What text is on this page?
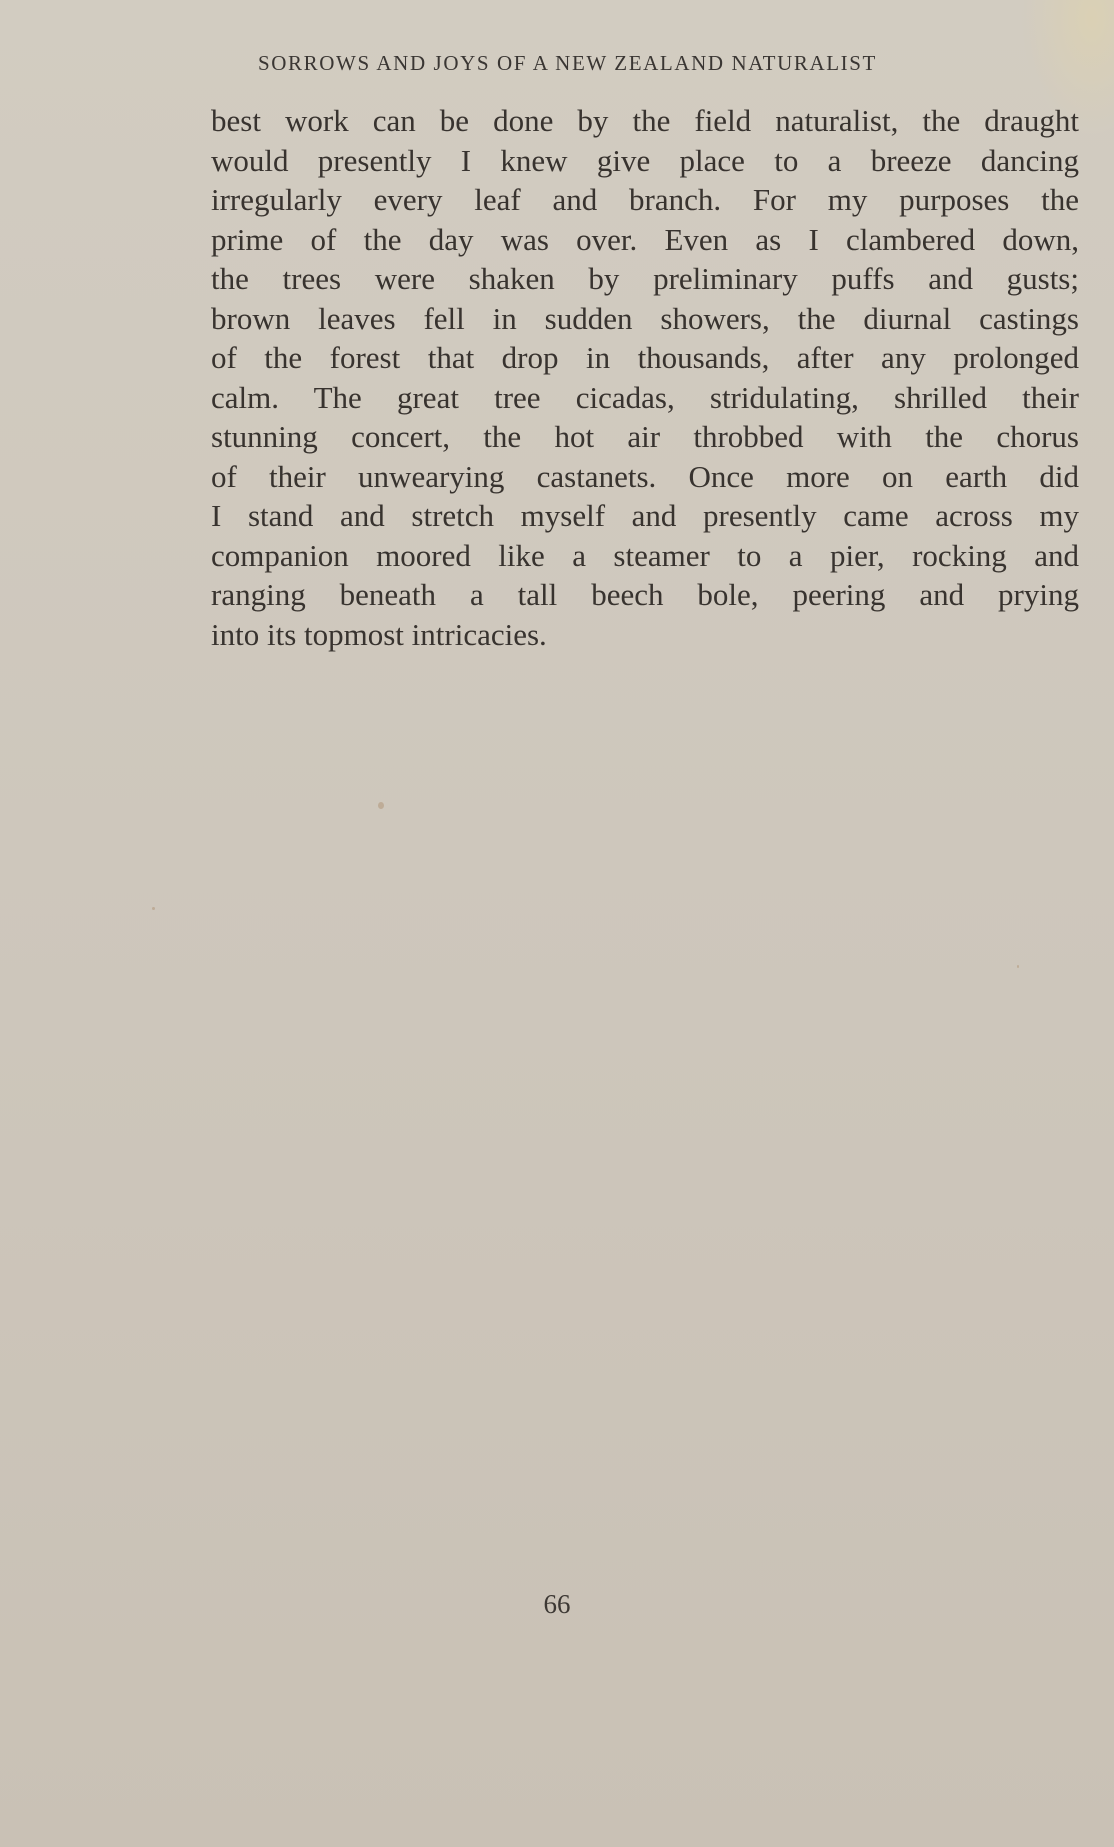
SORROWS AND JOYS OF A NEW ZEALAND NATURALIST
best work can be done by the field naturalist, the draught
would presently I knew give place to a breeze dancing
irregularly every leaf and branch. For my purposes the
prime of the day was over. Even as I clambered down,
the trees were shaken by preliminary puffs and gusts;
brown leaves fell in sudden showers, the diurnal castings
of the forest that drop in thousands, after any prolonged
calm. The great tree cicadas, stridulating, shrilled their
stunning concert, the hot air throbbed with the chorus
of their unwearying castanets. Once more on earth did
I stand and stretch myself and presently came across my
companion moored like a steamer to a pier, rocking and
ranging beneath a tall beech bole, peering and prying
into its topmost intricacies.
66
